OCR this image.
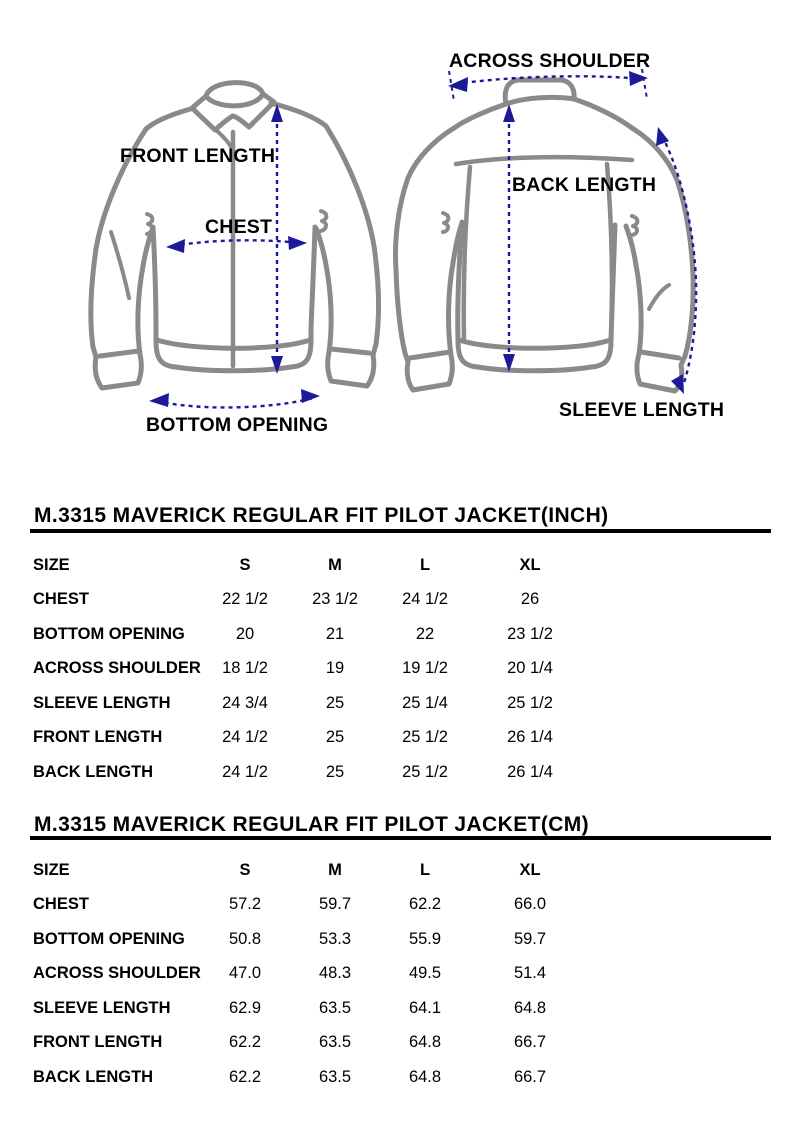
FRONT LENGTH
CHEST
BOTTOM OPENING
ACROSS SHOULDER
BACK LENGTH
SLEEVE LENGTH
M.3315 MAVERICK REGULAR FIT PILOT JACKET(INCH)
SIZE	S	M	L	XL
CHEST	22 1/2	23 1/2	24 1/2	26
BOTTOM OPENING	20	21	22	23 1/2
ACROSS SHOULDER	18 1/2	19	19 1/2	20 1/4
SLEEVE LENGTH	24 3/4	25	25 1/4	25 1/2
FRONT LENGTH	24 1/2	25	25 1/2	26 1/4
BACK LENGTH	24 1/2	25	25 1/2	26 1/4
M.3315 MAVERICK REGULAR FIT PILOT JACKET(CM)
SIZE	S	M	L	XL
CHEST	57.2	59.7	62.2	66.0
BOTTOM OPENING	50.8	53.3	55.9	59.7
ACROSS SHOULDER	47.0	48.3	49.5	51.4
SLEEVE LENGTH	62.9	63.5	64.1	64.8
FRONT LENGTH	62.2	63.5	64.8	66.7
BACK LENGTH	62.2	63.5	64.8	66.7
